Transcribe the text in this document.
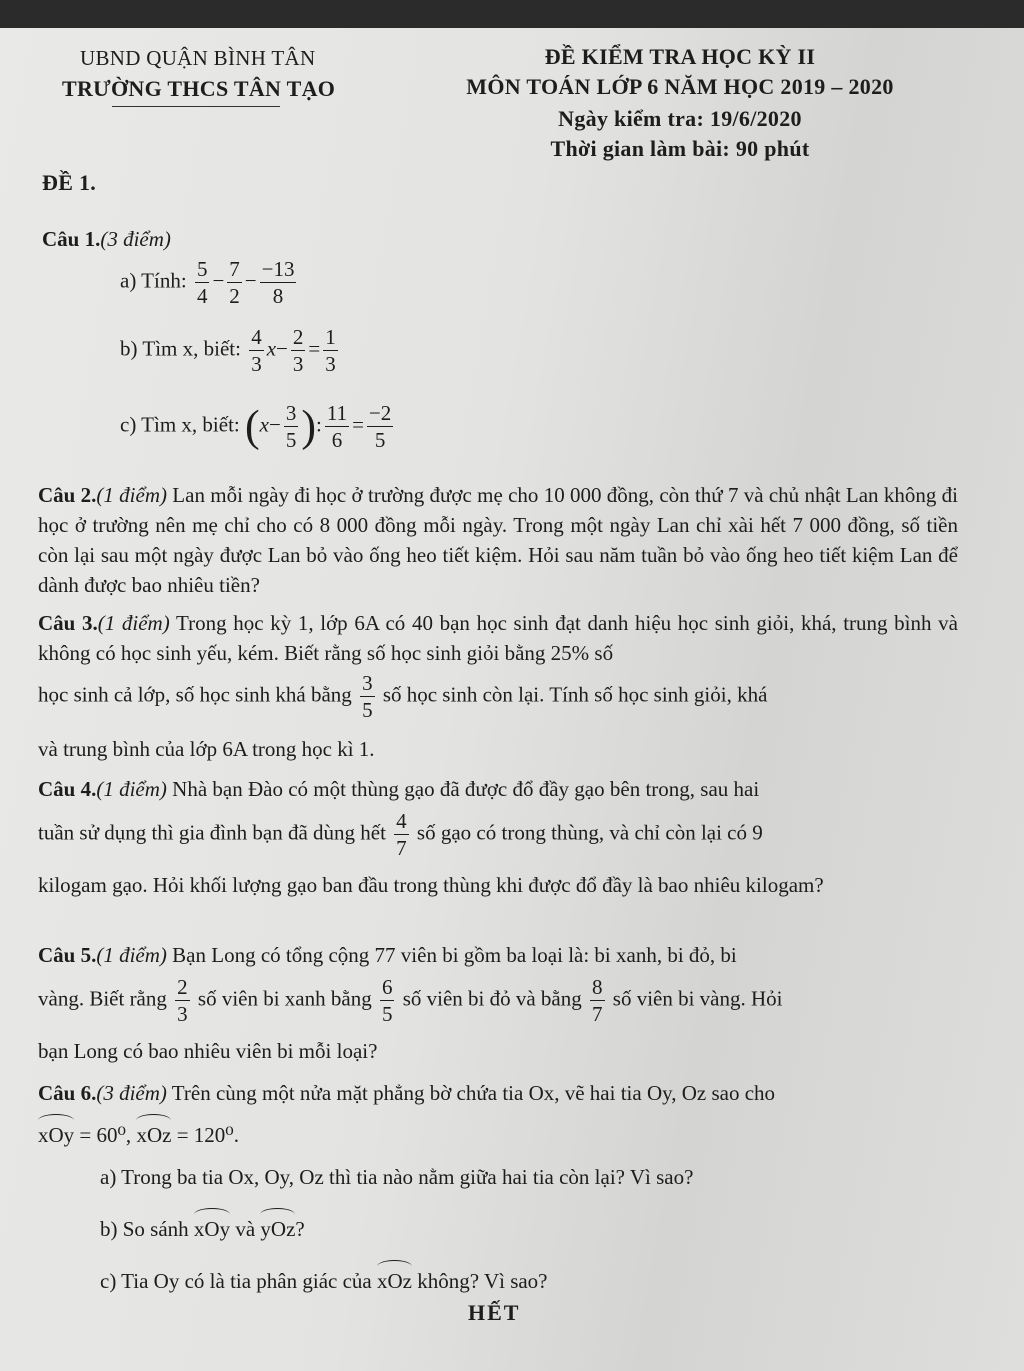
UBND QUẬN BÌNH TÂN
TRƯỜNG THCS TÂN TẠO
ĐỀ KIỂM TRA HỌC KỲ II
MÔN TOÁN LỚP 6 NĂM HỌC 2019 – 2020
Ngày kiểm tra: 19/6/2020
Thời gian làm bài: 90 phút
ĐỀ 1.
Câu 1.(3 điểm)
a) Tính: $\frac{5}{4} - \frac{7}{2} - \frac{-13}{8}$
b) Tìm x, biết: $\frac{4}{3} x- \frac{2}{3} = \frac{1}{3}$
c) Tìm x, biết: ($x- \frac{3}{5}$ ): $\frac{11}{6} = \frac{-2}{5}$
Câu 2.(1 điểm) Lan mỗi ngày đi học ở trường được mẹ cho 10 000 đồng, còn thứ 7 và chủ nhật Lan không đi học ở trường nên mẹ chỉ cho có 8 000 đồng mỗi ngày. Trong một ngày Lan chỉ xài hết 7 000 đồng, số tiền còn lại sau một ngày được Lan bỏ vào ống heo tiết kiệm. Hỏi sau năm tuần bỏ vào ống heo tiết kiệm Lan để dành được bao nhiêu tiền?
Câu 3.(1 điểm) Trong học kỳ 1, lớp 6A có 40 bạn học sinh đạt danh hiệu học sinh giỏi, khá, trung bình và không có học sinh yếu, kém. Biết rằng số học sinh giỏi bằng 25% số
học sinh cả lớp, số học sinh khá bằng $\frac{3}{5}$ số học sinh còn lại. Tính số học sinh giỏi, khá
và trung bình của lớp 6A trong học kì 1.
Câu 4.(1 điểm) Nhà bạn Đào có một thùng gạo đã được đổ đầy gạo bên trong, sau hai
tuần sử dụng thì gia đình bạn đã dùng hết $\frac{4}{7}$ số gạo có trong thùng, và chỉ còn lại có 9
kilogam gạo. Hỏi khối lượng gạo ban đầu trong thùng khi được đổ đầy là bao nhiêu kilogam?
Câu 5.(1 điểm) Bạn Long có tổng cộng 77 viên bi gồm ba loại là: bi xanh, bi đỏ, bi
vàng. Biết rằng $\frac{2}{3}$ số viên bi xanh bằng $\frac{6}{5}$ số viên bi đỏ và bằng $\frac{8}{7}$ số viên bi vàng. Hỏi
bạn Long có bao nhiêu viên bi mỗi loại?
Câu 6.(3 điểm) Trên cùng một nửa mặt phẳng bờ chứa tia Ox, vẽ hai tia Oy, Oz sao cho
xOy = 60⁰, xOz = 120⁰.
a) Trong ba tia Ox, Oy, Oz thì tia nào nằm giữa hai tia còn lại? Vì sao?
b) So sánh xOy và yOz?
c) Tia Oy có là tia phân giác của xOz không? Vì sao?
HẾT
